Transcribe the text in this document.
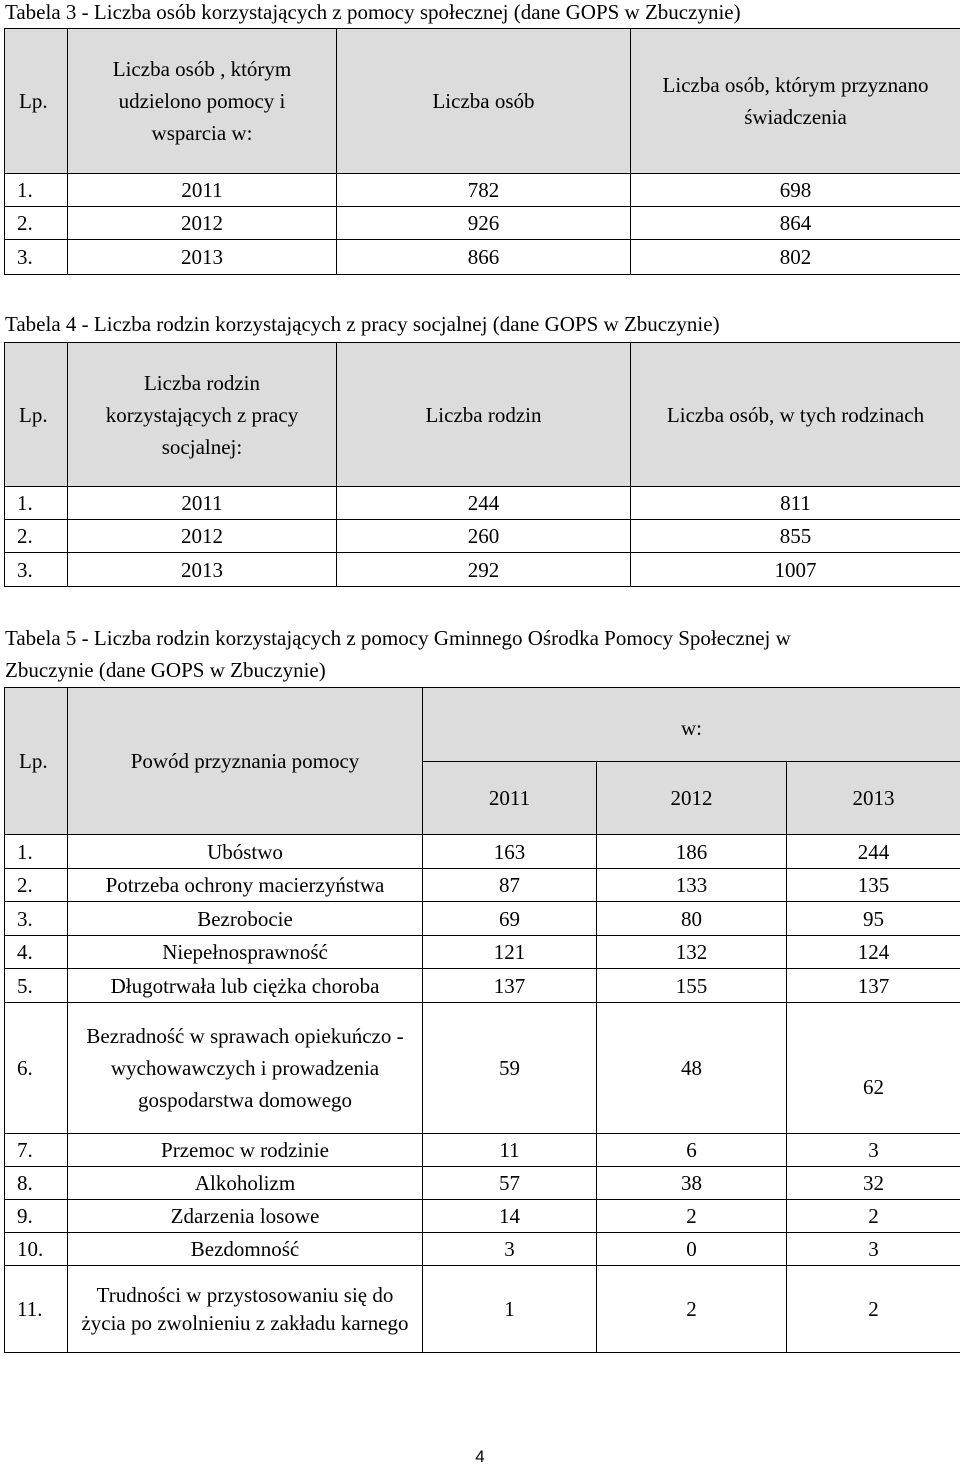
Tabela 3 - Liczba osób korzystających z pomocy społecznej (dane GOPS w Zbuczynie)
Lp.	Liczba osób , którym udzielono pomocy i wsparcia w:	Liczba osób	Liczba osób, którym przyznano świadczenia
1.	2011	782	698
2.	2012	926	864
3.	2013	866	802
Tabela 4 - Liczba rodzin korzystających z pracy socjalnej (dane GOPS w Zbuczynie)
Lp.	Liczba rodzin korzystających z pracy socjalnej:	Liczba rodzin	Liczba osób, w tych rodzinach
1.	2011	244	811
2.	2012	260	855
3.	2013	292	1007
Tabela 5 - Liczba rodzin korzystających z pomocy Gminnego Ośrodka Pomocy Społecznej w
Zbuczynie (dane GOPS w Zbuczynie)
Lp.	Powód przyznania pomocy	w:		
		2011	2012	2013
1.	Ubóstwo	163	186	244
2.	Potrzeba ochrony macierzyństwa	87	133	135
3.	Bezrobocie	69	80	95
4.	Niepełnosprawność	121	132	124
5.	Długotrwała lub ciężka choroba	137	155	137
6.	Bezradność w sprawach opiekuńczo - wychowawczych i prowadzenia gospodarstwa domowego	59	48	62
7.	Przemoc w rodzinie	11	6	3
8.	Alkoholizm	57	38	32
9.	Zdarzenia losowe	14	2	2
10.	Bezdomność	3	0	3
11.	Trudności w przystosowaniu się do życia po zwolnieniu z zakładu karnego	1	2	2
4
